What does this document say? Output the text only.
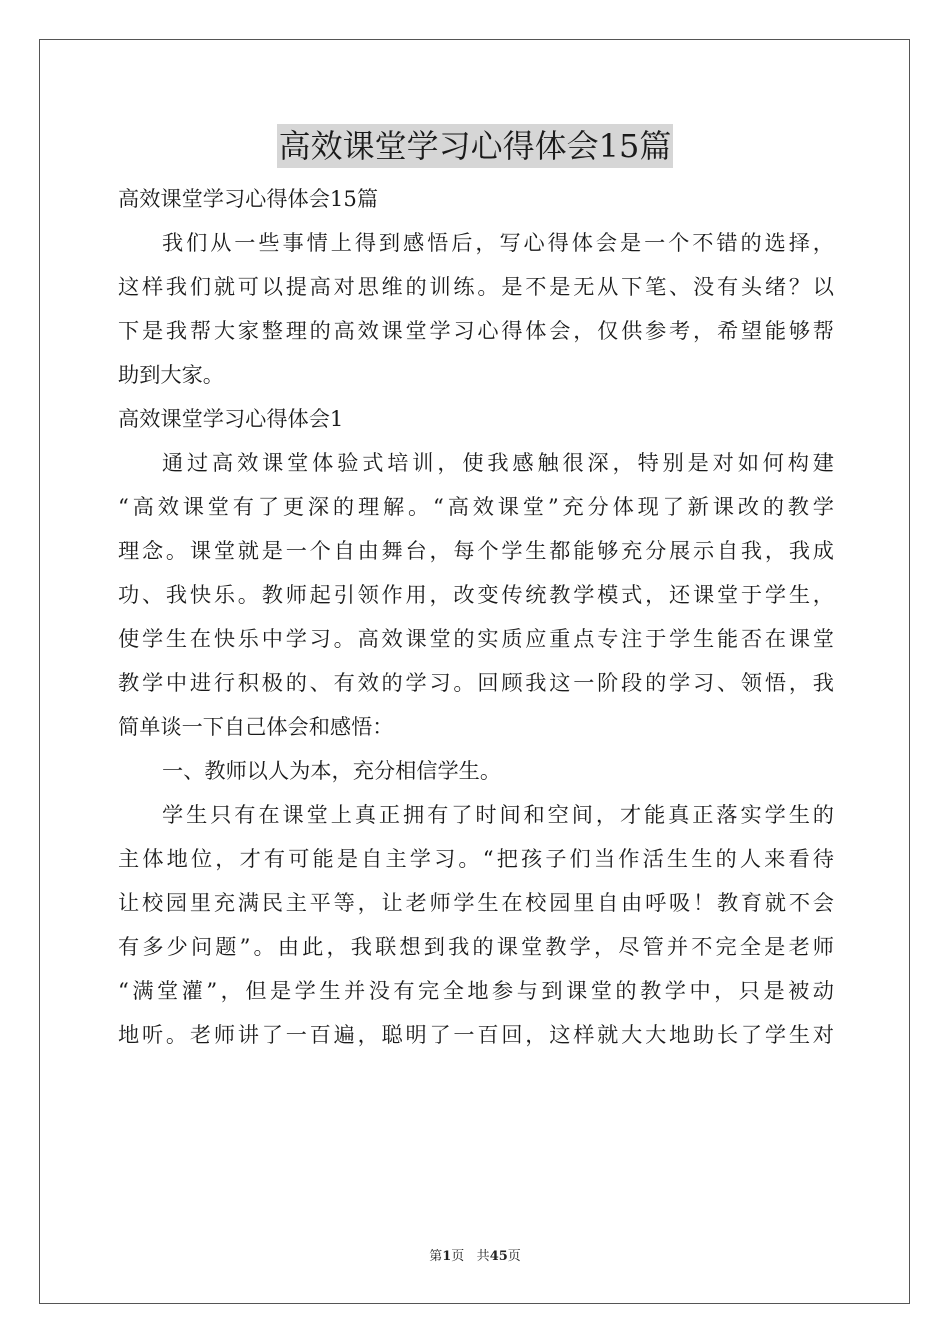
高效课堂学习心得体会15篇

高效课堂学习心得体会15篇

我们从一些事情上得到感悟后，写心得体会是一个不错的选择，

这样我们就可以提高对思维的训练。是不是无从下笔、没有头绪？以

下是我帮大家整理的高效课堂学习心得体会，仅供参考，希望能够帮

助到大家。

高效课堂学习心得体会1

通过高效课堂体验式培训，使我感触很深，特别是对如何构建

“高效课堂有了更深的理解。“高效课堂”充分体现了新课改的教学

理念。课堂就是一个自由舞台，每个学生都能够充分展示自我，我成

功、我快乐。教师起引领作用，改变传统教学模式，还课堂于学生，

使学生在快乐中学习。高效课堂的实质应重点专注于学生能否在课堂

教学中进行积极的、有效的学习。回顾我这一阶段的学习、领悟，我

简单谈一下自己体会和感悟：

一、教师以人为本，充分相信学生。

学生只有在课堂上真正拥有了时间和空间，才能真正落实学生的

主体地位，才有可能是自主学习。“把孩子们当作活生生的人来看待

让校园里充满民主平等，让老师学生在校园里自由呼吸！教育就不会

有多少问题”。由此，我联想到我的课堂教学，尽管并不完全是老师

“满堂灌”，但是学生并没有完全地参与到课堂的教学中，只是被动

地听。老师讲了一百遍，聪明了一百回，这样就大大地助长了学生对

第1页 共45页
